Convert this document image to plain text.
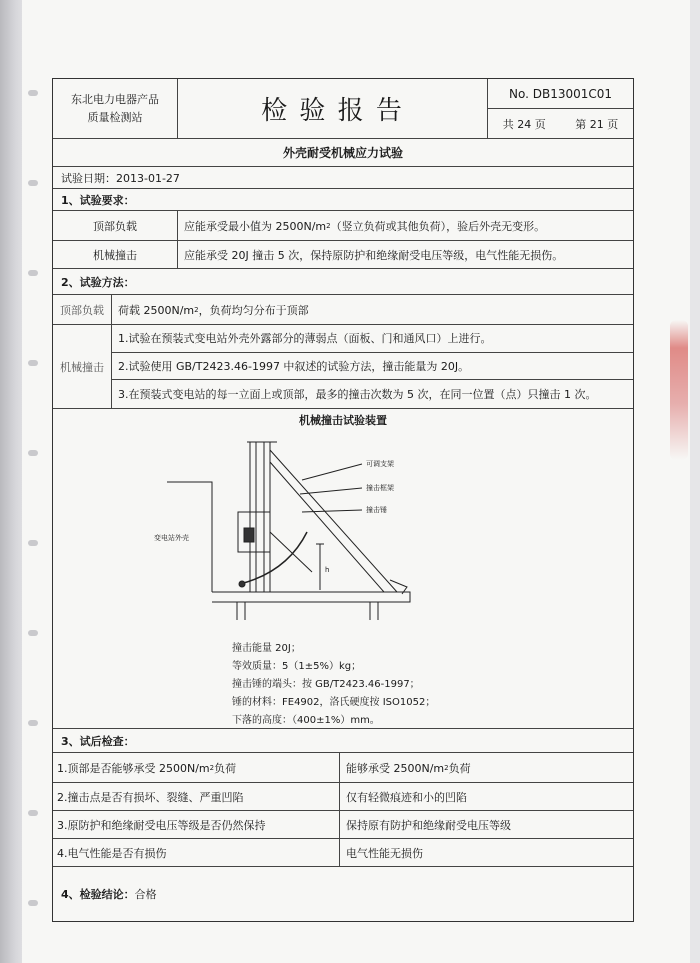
东北电力电器产品
质量检测站	检 验 报 告
No. DB13001C01
共 24 页	第 21 页
外壳耐受机械应力试验
试验日期：2013-01-27
1、试验要求：
顶部负载	应能承受最小值为 2500N/m 2 （竖立负荷或其他负荷），验后外壳无变形。
机械撞击	应能承受 20J 撞击 5 次，保持原防护和绝缘耐受电压等级，电气性能无损伤。
2、试验方法：
顶部负载	荷载 2500N/m 2 ，负荷均匀分布于顶部
机械撞击
1.试验在预装式变电站外壳外露部分的薄弱点（面板、门和通风口）上进行。
2.试验使用 GB/T2423.46-1997 中叙述的试验方法，撞击能量为 20J。
3.在预装式变电站的每一立面上或顶部，最多的撞击次数为 5 次，在同一位置（点）只撞击 1 次。
机械撞击试验装置
3、试后检查：
1.顶部是否能够承受 2500N/m 2 负荷	能够承受 2500N/m 2 负荷
2.撞击点是否有损坏、裂缝、严重凹陷	仅有轻微痕迹和小的凹陷
3.原防护和绝缘耐受电压等级是否仍然保持	保持原有防护和绝缘耐受电压等级
4.电气性能是否有损伤	电气性能无损伤
4、检验结论： 合格
可调支架
撞击框架
撞击锤
变电站外壳
h
撞击能量 20J；
等效质量：5（1±5%）kg；
撞击锤的端头：按 GB/T2423.46-1997；
锤的材料：FE4902，洛氏硬度按 ISO1052；
下落的高度：（400±1%）mm。
